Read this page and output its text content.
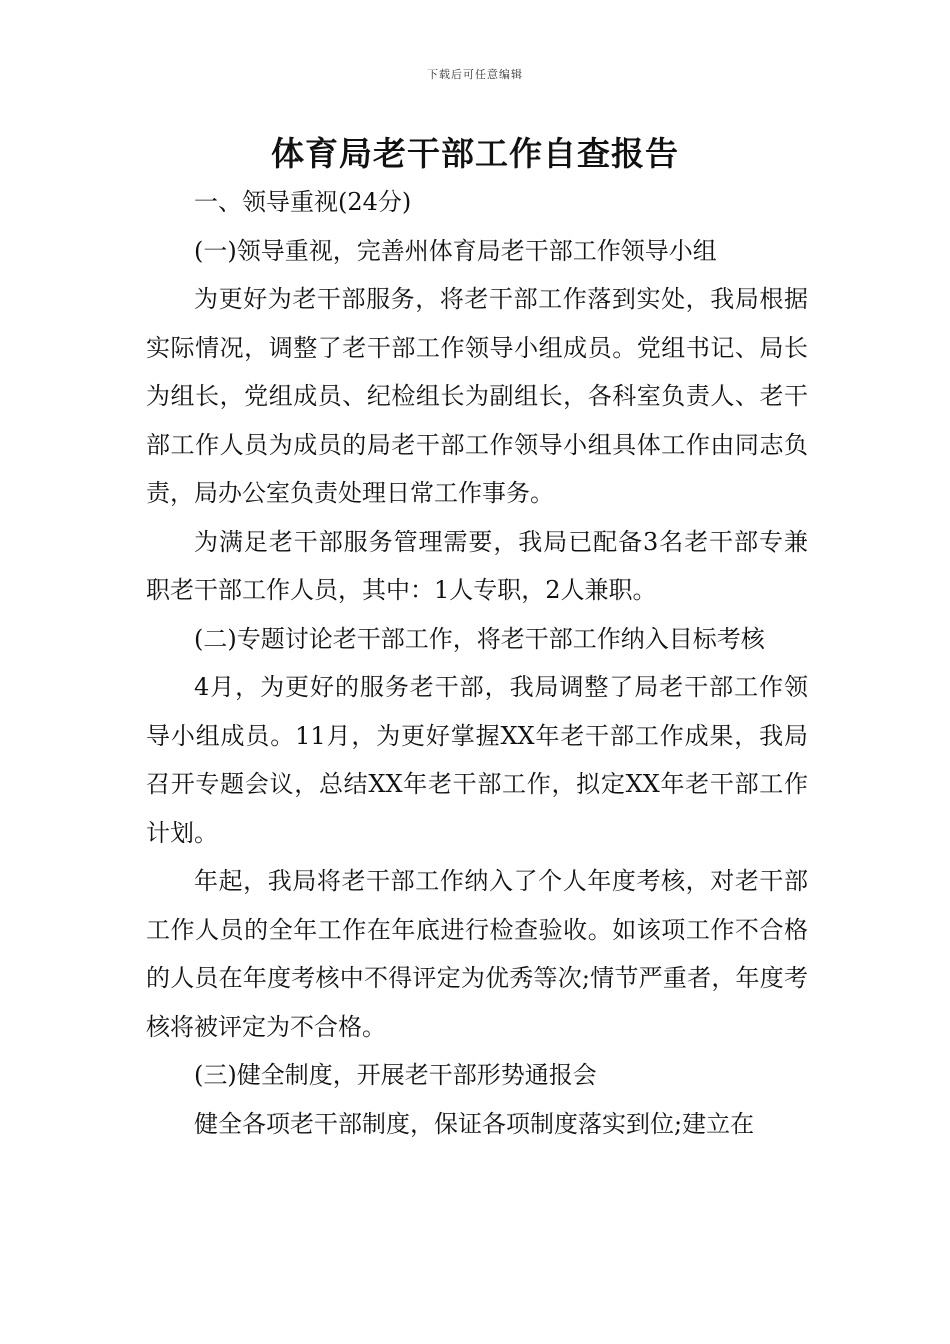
下载后可任意编辑
体育局老干部工作自查报告

一、领导重视(24分)

(一)领导重视，完善州体育局老干部工作领导小组

为更好为老干部服务，将老干部工作落到实处，我局根据实际情况，调整了老干部工作领导小组成员。党组书记、局长为组长，党组成员、纪检组长为副组长，各科室负责人、老干部工作人员为成员的局老干部工作领导小组具体工作由同志负责，局办公室负责处理日常工作事务。

为满足老干部服务管理需要，我局已配备3名老干部专兼职老干部工作人员，其中：1人专职，2人兼职。

(二)专题讨论老干部工作，将老干部工作纳入目标考核

4月，为更好的服务老干部，我局调整了局老干部工作领导小组成员。11月，为更好掌握XX年老干部工作成果，我局召开专题会议，总结XX年老干部工作，拟定XX年老干部工作计划。

年起，我局将老干部工作纳入了个人年度考核，对老干部工作人员的全年工作在年底进行检查验收。如该项工作不合格的人员在年度考核中不得评定为优秀等次;情节严重者，年度考核将被评定为不合格。

(三)健全制度，开展老干部形势通报会

健全各项老干部制度，保证各项制度落实到位;建立在
